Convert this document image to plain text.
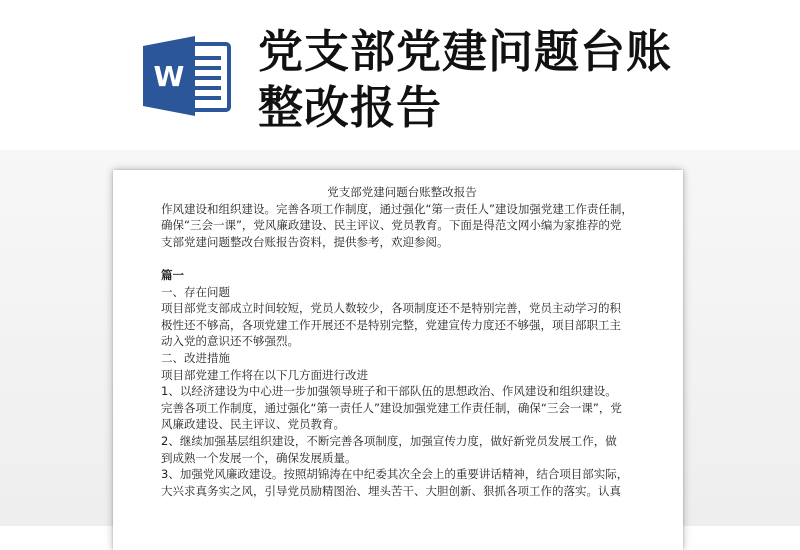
W 党支部党建问题台账
整改报告
党支部党建问题台账整改报告
作风建设和组织建设。完善各项工作制度，通过强化“第一责任人”建设加强党建工作责任制，
确保“三会一课”，党风廉政建设、民主评议、党员教育。下面是得范文网小编为家推荐的党
支部党建问题整改台账报告资料，提供参考，欢迎参阅。
篇一
一、存在问题
项目部党支部成立时间较短，党员人数较少，各项制度还不是特别完善，党员主动学习的积
极性还不够高，各项党建工作开展还不是特别完整，党建宣传力度还不够强，项目部职工主
动入党的意识还不够强烈。
二、改进措施
项目部党建工作将在以下几方面进行改进
1、以经济建设为中心进一步加强领导班子和干部队伍的思想政治、作风建设和组织建设。
完善各项工作制度，通过强化“第一责任人”建设加强党建工作责任制，确保“三会一课”，党
风廉政建设、民主评议、党员教育。
2、继续加强基层组织建设，不断完善各项制度，加强宣传力度，做好新党员发展工作，做
到成熟一个发展一个，确保发展质量。
3、加强党风廉政建设。按照胡锦涛在中纪委其次全会上的重要讲话精神，结合项目部实际，
大兴求真务实之风，引导党员励精图治、埋头苦干、大胆创新、狠抓各项工作的落实。认真
